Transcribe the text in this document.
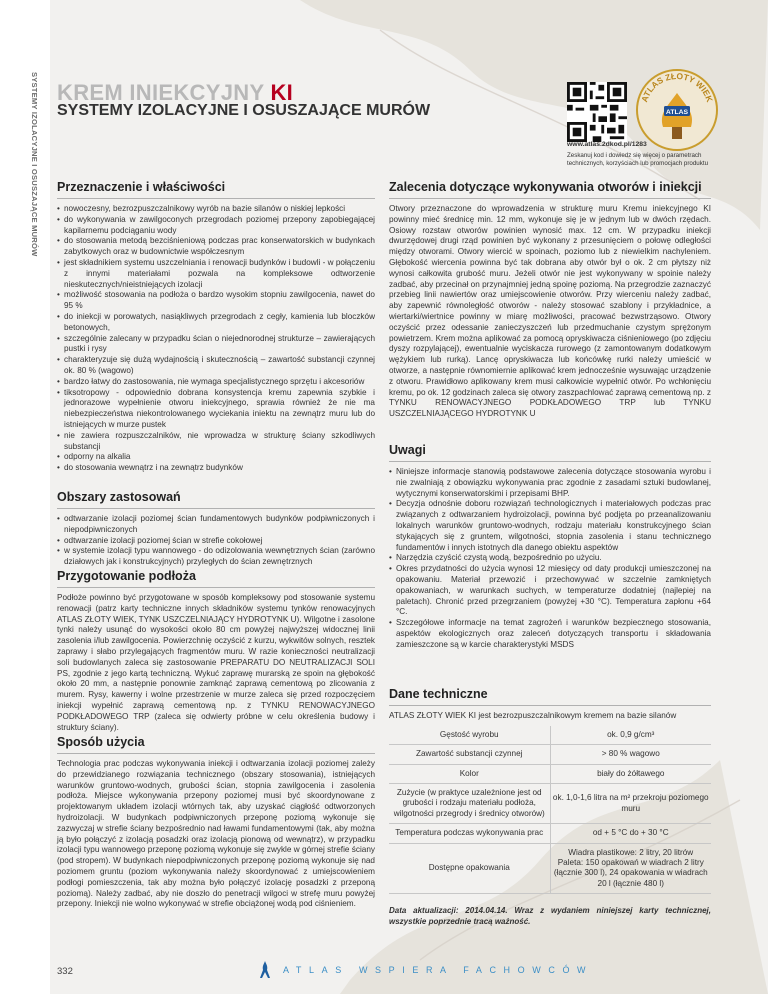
SYSTEMY IZOLACYJNE I OSUSZAJĄCE MURÓW KREM INIEKCYJNY KI
SYSTEMY IZOLACYJNE I OSUSZAJĄCE MURÓW
ATLAS ZŁOTY WIEK
ATLAS
www.atlas.2dkod.pl/1283
Zeskanuj kod i dowiedz się więcej o parametrach technicznych, korzyściach lub promocjach produktu
Przeznaczenie i właściwości
• nowoczesny, bezrozpuszczalnikowy wyrób na bazie silanów o niskiej lepkości
• do wykonywania w zawilgoconych przegrodach poziomej przepony zapobiegającej kapilarnemu podciąganiu wody
• do stosowania metodą bezciśnieniową podczas prac konserwatorskich w budynkach zabytkowych oraz w budownictwie współczesnym
• jest składnikiem systemu uszczelniania i renowacji budynków i budowli - w połączeniu z innymi materiałami pozwala na kompleksowe odtworzenie nieskutecznych/nieistniejących izolacji
• możliwość stosowania na podłoża o bardzo wysokim stopniu zawilgocenia, nawet do 95 %
• do iniekcji w porowatych, nasiąkliwych przegrodach z cegły, kamienia lub bloczków betonowych,
• szczególnie zalecany w przypadku ścian o niejednorodnej strukturze – zawierających pustki i rysy
• charakteryzuje się dużą wydajnością i skutecznością – zawartość substancji czynnej ok. 80 % (wagowo)
• bardzo łatwy do zastosowania, nie wymaga specjalistycznego sprzętu i akcesoriów
• tiksotropowy - odpowiednio dobrana konsystencja kremu zapewnia szybkie i jednorazowe wypełnienie otworu iniekcyjnego, sprawia również że nie ma niebezpieczeństwa niekontrolowanego wyciekania iniektu na zewnątrz muru lub do istniejących w murze pustek
• nie zawiera rozpuszczalników, nie wprowadza w strukturę ściany szkodliwych substancji
• odporny na alkalia
• do stosowania wewnątrz i na zewnątrz budynków
Obszary zastosowań
• odtwarzanie izolacji poziomej ścian fundamentowych budynków podpiwniczonych i niepodpiwniczonych
• odtwarzanie izolacji poziomej ścian w strefie cokołowej
• w systemie izolacji typu wannowego - do odizolowania wewnętrznych ścian (zarówno działowych jak i konstrukcyjnych) przyległych do ścian zewnętrznych
Przygotowanie podłoża

Podłoże powinno być przygotowane w sposób kompleksowy pod stosowanie systemu renowacji (patrz karty techniczne innych składników systemu tynków renowacyjnych ATLAS ZŁOTY WIEK, TYNK USZCZELNIAJĄCY HYDROTYNK U). Wilgotne i zasolone tynki należy usunąć do wysokości około 80 cm powyżej najwyższej widocznej linii zasolenia i/lub zawilgocenia. Powierzchnię oczyścić z kurzu, wykwitów solnych, resztek zaprawy i słabo przylegających fragmentów muru. W razie konieczności neutralizacji soli budowlanych zaleca się zastosowanie PREPARATU DO NEUTRALIZACJI SOLI PS, zgodnie z jego kartą techniczną. Wykuć zaprawę murarską ze spoin na głębokość około 20 mm, a następnie ponownie zamknąć zaprawą cementową po zlicowania z murem. Rysy, kawerny i wolne przestrzenie w murze zaleca się przed rozpoczęciem iniekcji wypełnić zaprawą cementową np. z TYNKU RENOWACYJNEGO PODKŁADOWEGO TRP (zaleca się odwierty próbne w celu określenia budowy i struktury ściany).

Sposób użycia

Technologia prac podczas wykonywania iniekcji i odtwarzania izolacji poziomej zależy do przewidzianego rozwiązania technicznego (obszary stosowania), istniejących warunków gruntowo-wodnych, grubości ścian, stopnia zawilgocenia i zasolenia podłoża. Miejsce wykonywania przepony poziomej musi być skoordynowane z projektowanym układem izolacji wtórnych tak, aby uzyskać ciągłość odtworzonych hydroizolacji. W budynkach podpiwniczonych przeponę poziomą wykonuje się zazwyczaj w strefie ściany bezpośrednio nad ławami fundamentowymi (tak, aby można ją było połączyć z izolacją posadzki oraz izolacją pionową od wewnątrz), w przypadku izolacji typu wannowego przeponę poziomą wykonuje się zwykle w górnej strefie ściany (pod stropem). W budynkach niepodpiwniczonych przeponę poziomą wykonuje się nad poziomem gruntu (poziom wykonywania należy skoordynować z umiejscowieniem podłogi pomieszczenia, tak aby można było połączyć izolację posadzki z przeponą poziomą). Należy zadbać, aby nie doszło do penetracji wilgoci w strefę muru powyżej przepony. Iniekcji nie wolno wykonywać w strefie obciążonej wodą pod ciśnieniem.

Zalecenia dotyczące wykonywania otworów i iniekcji

Otwory przeznaczone do wprowadzenia w strukturę muru Kremu iniekcyjnego KI powinny mieć średnicę min. 12 mm, wykonuje się je w jednym lub w dwóch rzędach. Osiowy rozstaw otworów powinien wynosić max. 12 cm. W przypadku iniekcji dwurzędowej drugi rząd powinien być wykonany z przesunięciem o połowę odległości między otworami. Otwory wiercić w spoinach, poziomo lub z niewielkim nachyleniem. Głębokość wiercenia powinna być tak dobrana aby otwór był o ok. 2 cm płytszy niż wynosi całkowita grubość muru. Jeżeli otwór nie jest wykonywany w spoinie należy zadbać, aby przecinał on przynajmniej jedną spoinę poziomą. Na przegrodzie zaznaczyć przebieg linii nawiertów oraz umiejscowienie otworów. Przy wierceniu należy zadbać, aby zapewnić równoległość otworów - należy stosować szablony i przykładnice, a wiertarki/wiertnice powinny w miarę możliwości, pracować bezwstrząsowo. Otwory oczyścić przez odessanie zanieczyszczeń lub przedmuchanie czystym sprężonym powietrzem. Krem można aplikować za pomocą opryskiwacza ciśnieniowego (po zdjęciu dyszy rozpylającej), ewentualnie wyciskacza rurowego (z zamontowanym dodatkowym wężykiem lub rurką). Lancę opryskiwacza lub końcówkę rurki należy umieścić w otworze, a następnie równomiernie aplikować krem jednocześnie wysuwając urządzenie z otworu. Prawidłowo aplikowany krem musi całkowicie wypełnić otwór. Po wchłonięciu kremu, po ok. 12 godzinach zaleca się otwory zaszpachlować zaprawą cementową np. z TYNKU RENOWACYJNEGO PODKŁADOWEGO TRP lub TYNKU USZCZELNIAJĄCEGO HYDROTYNK U

Uwagi
• Niniejsze informacje stanowią podstawowe zalecenia dotyczące stosowania wyrobu i nie zwalniają z obowiązku wykonywania prac zgodnie z zasadami sztuki budowlanej, wytycznymi konserwatorskimi i przepisami BHP.
• Decyzja odnośnie doboru rozwiązań technologicznych i materiałowych podczas prac związanych z odtwarzaniem hydroizolacji, powinna być podjęta po przeanalizowaniu lokalnych warunków gruntowo-wodnych, rodzaju materiału konstrukcyjnego ścian stykających się z gruntem, wilgotności, stopnia zasolenia i stanu technicznego fundamentów i innych istotnych dla danego obiektu aspektów
• Narzędzia czyścić czystą wodą, bezpośrednio po użyciu.
• Okres przydatności do użycia wynosi 12 miesięcy od daty produkcji umieszczonej na opakowaniu. Materiał przewozić i przechowywać w szczelnie zamkniętych opakowaniach, w warunkach suchych, w temperaturze dodatniej (najlepiej na paletach). Chronić przed przegrzaniem (powyżej +30 °C). Temperatura zapłonu +64 °C.
• Szczegółowe informacje na temat zagrożeń i warunków bezpiecznego stosowania, aspektów ekologicznych oraz zaleceń dotyczących transportu i składowania zamieszczone są w karcie charakterystyki MSDS
Dane techniczne

ATLAS ZŁOTY WIEK KI jest bezrozpuszczalnikowym kremem na bazie silanów

Gęstość wyrobu	ok. 0,9 g/cm³
Zawartość substancji czynnej	> 80 % wagowo
Kolor	biały do żółtawego
Zużycie (w praktyce uzależnione jest od grubości i rodzaju materiału podłoża, wilgotności przegrody i średnicy otworów)	ok. 1,0-1,6 litra na m² przekroju poziomego muru
Temperatura podczas wykonywania prac	od + 5 °C do + 30 °C
Dostępne opakowania	Wiadra plastikowe: 2 litry, 20 litrów
Paleta: 150 opakowań w wiadrach 2 litry (łącznie 300 l), 24 opakowania w wiadrach 20 l (łącznie 480 l)

Data aktualizacji: 2014.04.14. Wraz z wydaniem niniejszej karty technicznej, wszystkie poprzednie tracą ważność.

332	ATLAS WSPIERA FACHOWCÓW
